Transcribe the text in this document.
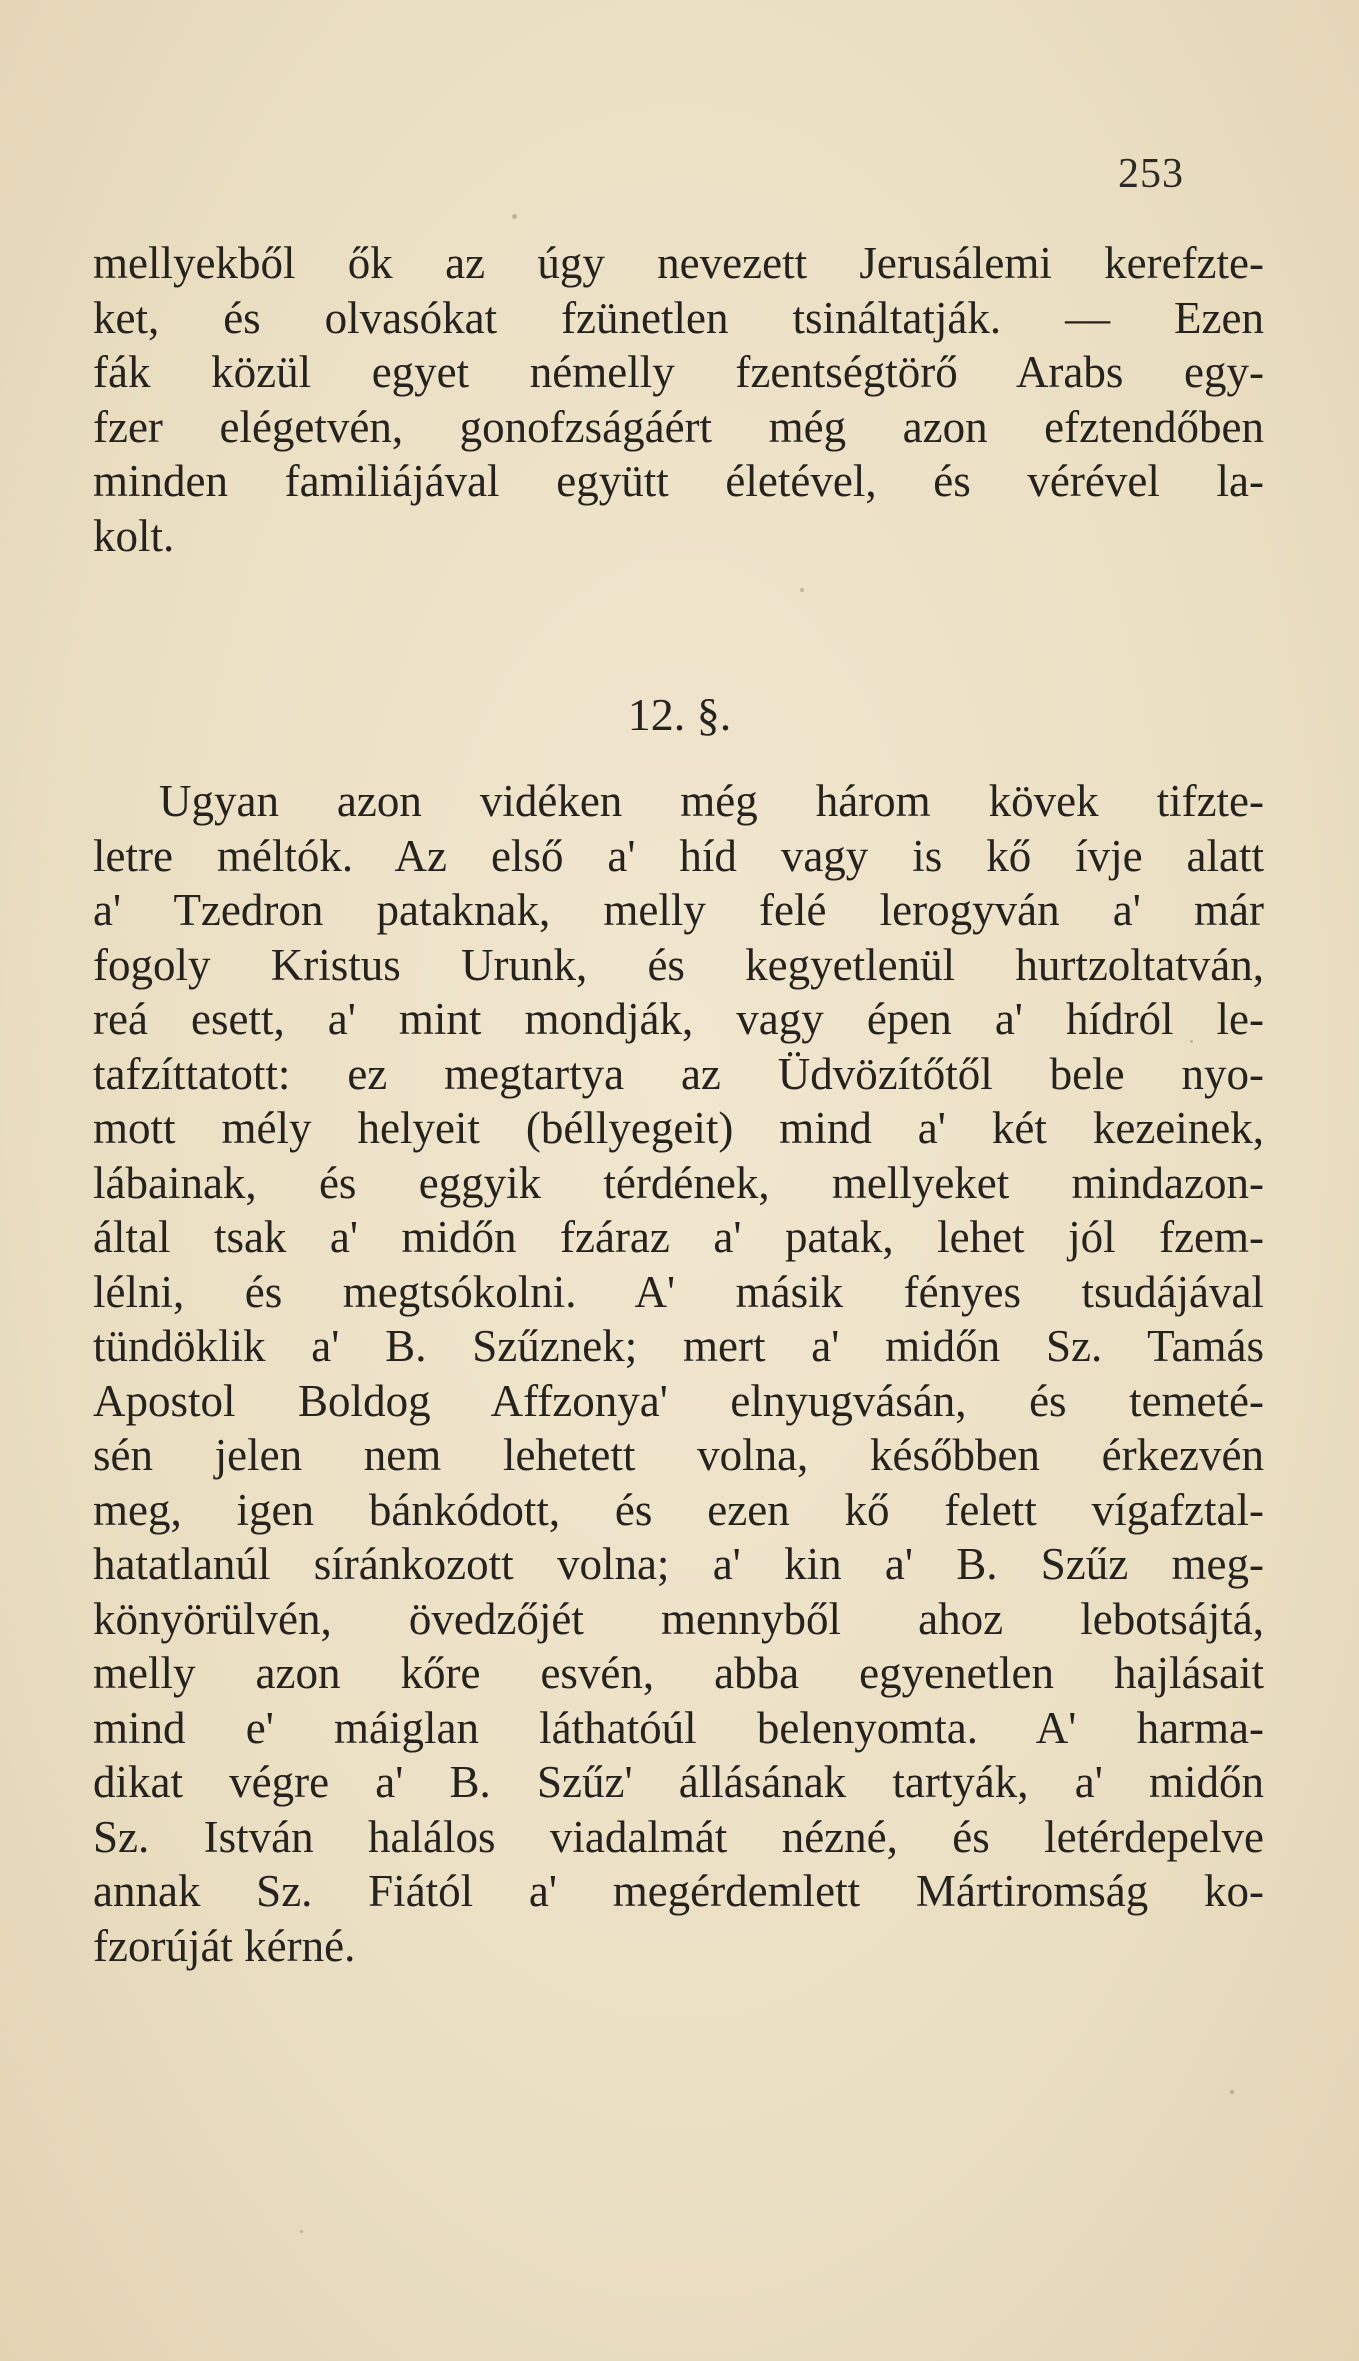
253
mellyekből ők az úgy nevezett Jerusálemi kerefzte-
ket, és olvasókat fzünetlen tsináltatják. — Ezen
fák közül egyet némelly fzentségtörő Arabs egy-
fzer elégetvén, gonofzságáért még azon efztendőben
minden familiájával együtt életével, és vérével la-
kolt.
12. §.
Ugyan azon vidéken még három kövek tifzte-
letre méltók. Az első a' híd vagy is kő ívje alatt
a' Tzedron pataknak, melly felé lerogyván a' már
fogoly Kristus Urunk, és kegyetlenül hurtzoltatván,
reá esett, a' mint mondják, vagy épen a' hídról le-
tafzíttatott: ez megtartya az Üdvözítőtől bele nyo-
mott mély helyeit (béllyegeit) mind a' két kezeinek,
lábainak, és eggyik térdének, mellyeket mindazon-
által tsak a' midőn fzáraz a' patak, lehet jól fzem-
lélni, és megtsókolni. A' másik fényes tsudájával
tündöklik a' B. Szűznek; mert a' midőn Sz. Tamás
Apostol Boldog Affzonya' elnyugvásán, és temeté-
sén jelen nem lehetett volna, későbben érkezvén
meg, igen bánkódott, és ezen kő felett vígafztal-
hatatlanúl síránkozott volna; a' kin a' B. Szűz meg-
könyörülvén, övedzőjét mennyből ahoz lebotsájtá,
melly azon kőre esvén, abba egyenetlen hajlásait
mind e' máiglan láthatóúl belenyomta. A' harma-
dikat végre a' B. Szűz' állásának tartyák, a' midőn
Sz. István halálos viadalmát nézné, és letérdepelve
annak Sz. Fiától a' megérdemlett Mártiromság ko-
fzorúját kérné.
